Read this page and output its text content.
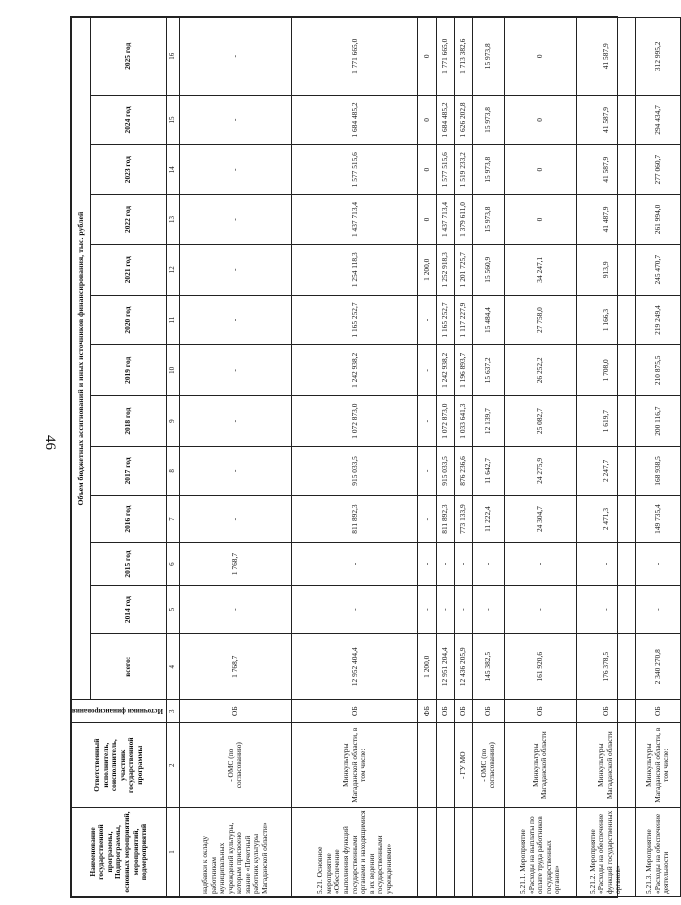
46
Наименование государственной программы, Подпрограммы, основных мероприятий, мероприятий, подмероприятий	Ответственный исполнитель, соисполнитель, участник государственной программы	Источники финансирования	Объем бюджетных ассигнований и иных источников финансирования, тыс. рублей												
			всего:	2014 год	2015 год	2016 год	2017 год	2018 год	2019 год	2020 год	2021 год	2022 год	2023 год	2024 год	2025 год
1	2	3	4	5	6	7	8	9	10	11	12	13	14	15	16
надбавки к окладу работникам муниципальных учреждений культуры, которым присвоено звание «Почетный работник культуры Магаданской области»	- ОМС (по согласованию)	ОБ	1 768,7	-	1 768,7	-	-	-	-	-	-	-	-	-	-
5.21. Основное мероприятие «Обеспечение выполнения функций государственными органами и находящимися в их ведении государственными учреждениями»	Минкультуры Магаданской области, в том числе:	ОБ	12 952 404,4	-	-	811 892,3	915 033,5	1 072 873,0	1 242 938,2	1 165 252,7	1 254 118,3	1 437 713,4	1 577 515,6	1 684 485,2	1 771 665,0
		ФБ	1 200,0	-	-	-	-	-	-	-	1 200,0	0	0	0	0
		ОБ	12 951 204,4	-	-	811 892,3	915 033,5	1 072 873,0	1 242 938,2	1 165 252,7	1 252 918,3	1 437 713,4	1 577 515,6	1 684 485,2	1 771 665,0
	- ГУ МО	ОБ	12 436 205,9	-	-	773 133,9	876 236,6	1 033 641,3	1 196 893,7	1 117 227,9	1 201 725,7	1 379 611,0	1 519 233,2	1 626 202,8	1 713 382,6
	- ОМС (по согласованию)	ОБ	145 382,5	-	-	11 222,4	11 642,7	12 139,7	15 637,2	15 484,4	15 560,9	15 973,8	15 973,8	15 973,8	15 973,8
5.21.1. Мероприятие «Расходы на выплаты по оплате труда работников государственных органов»	Минкультуры Магаданской области	ОБ	161 920,6	-	-	24 304,7	24 275,9	25 082,7	26 252,2	27 758,0	34 247,1	0	0	0	0
5.21.2. Мероприятие «Расходы на обеспечение функций государственных органов»	Минкультуры Магаданской области	ОБ	176 378,5	-	-	2 471,3	2 247,7	1 619,7	1 708,0	1 166,3	913,9	41 487,9	41 587,9	41 587,9	41 587,9
5.21.3. Мероприятие «Расходы на обеспечение деятельности	Минкультуры Магаданской области, в том числе:	ОБ	2 340 270,8	-	-	149 735,4	168 938,5	200 116,7	210 875,5	219 249,4	245 470,7	261 994,0	277 060,7	294 434,7	312 995,2
